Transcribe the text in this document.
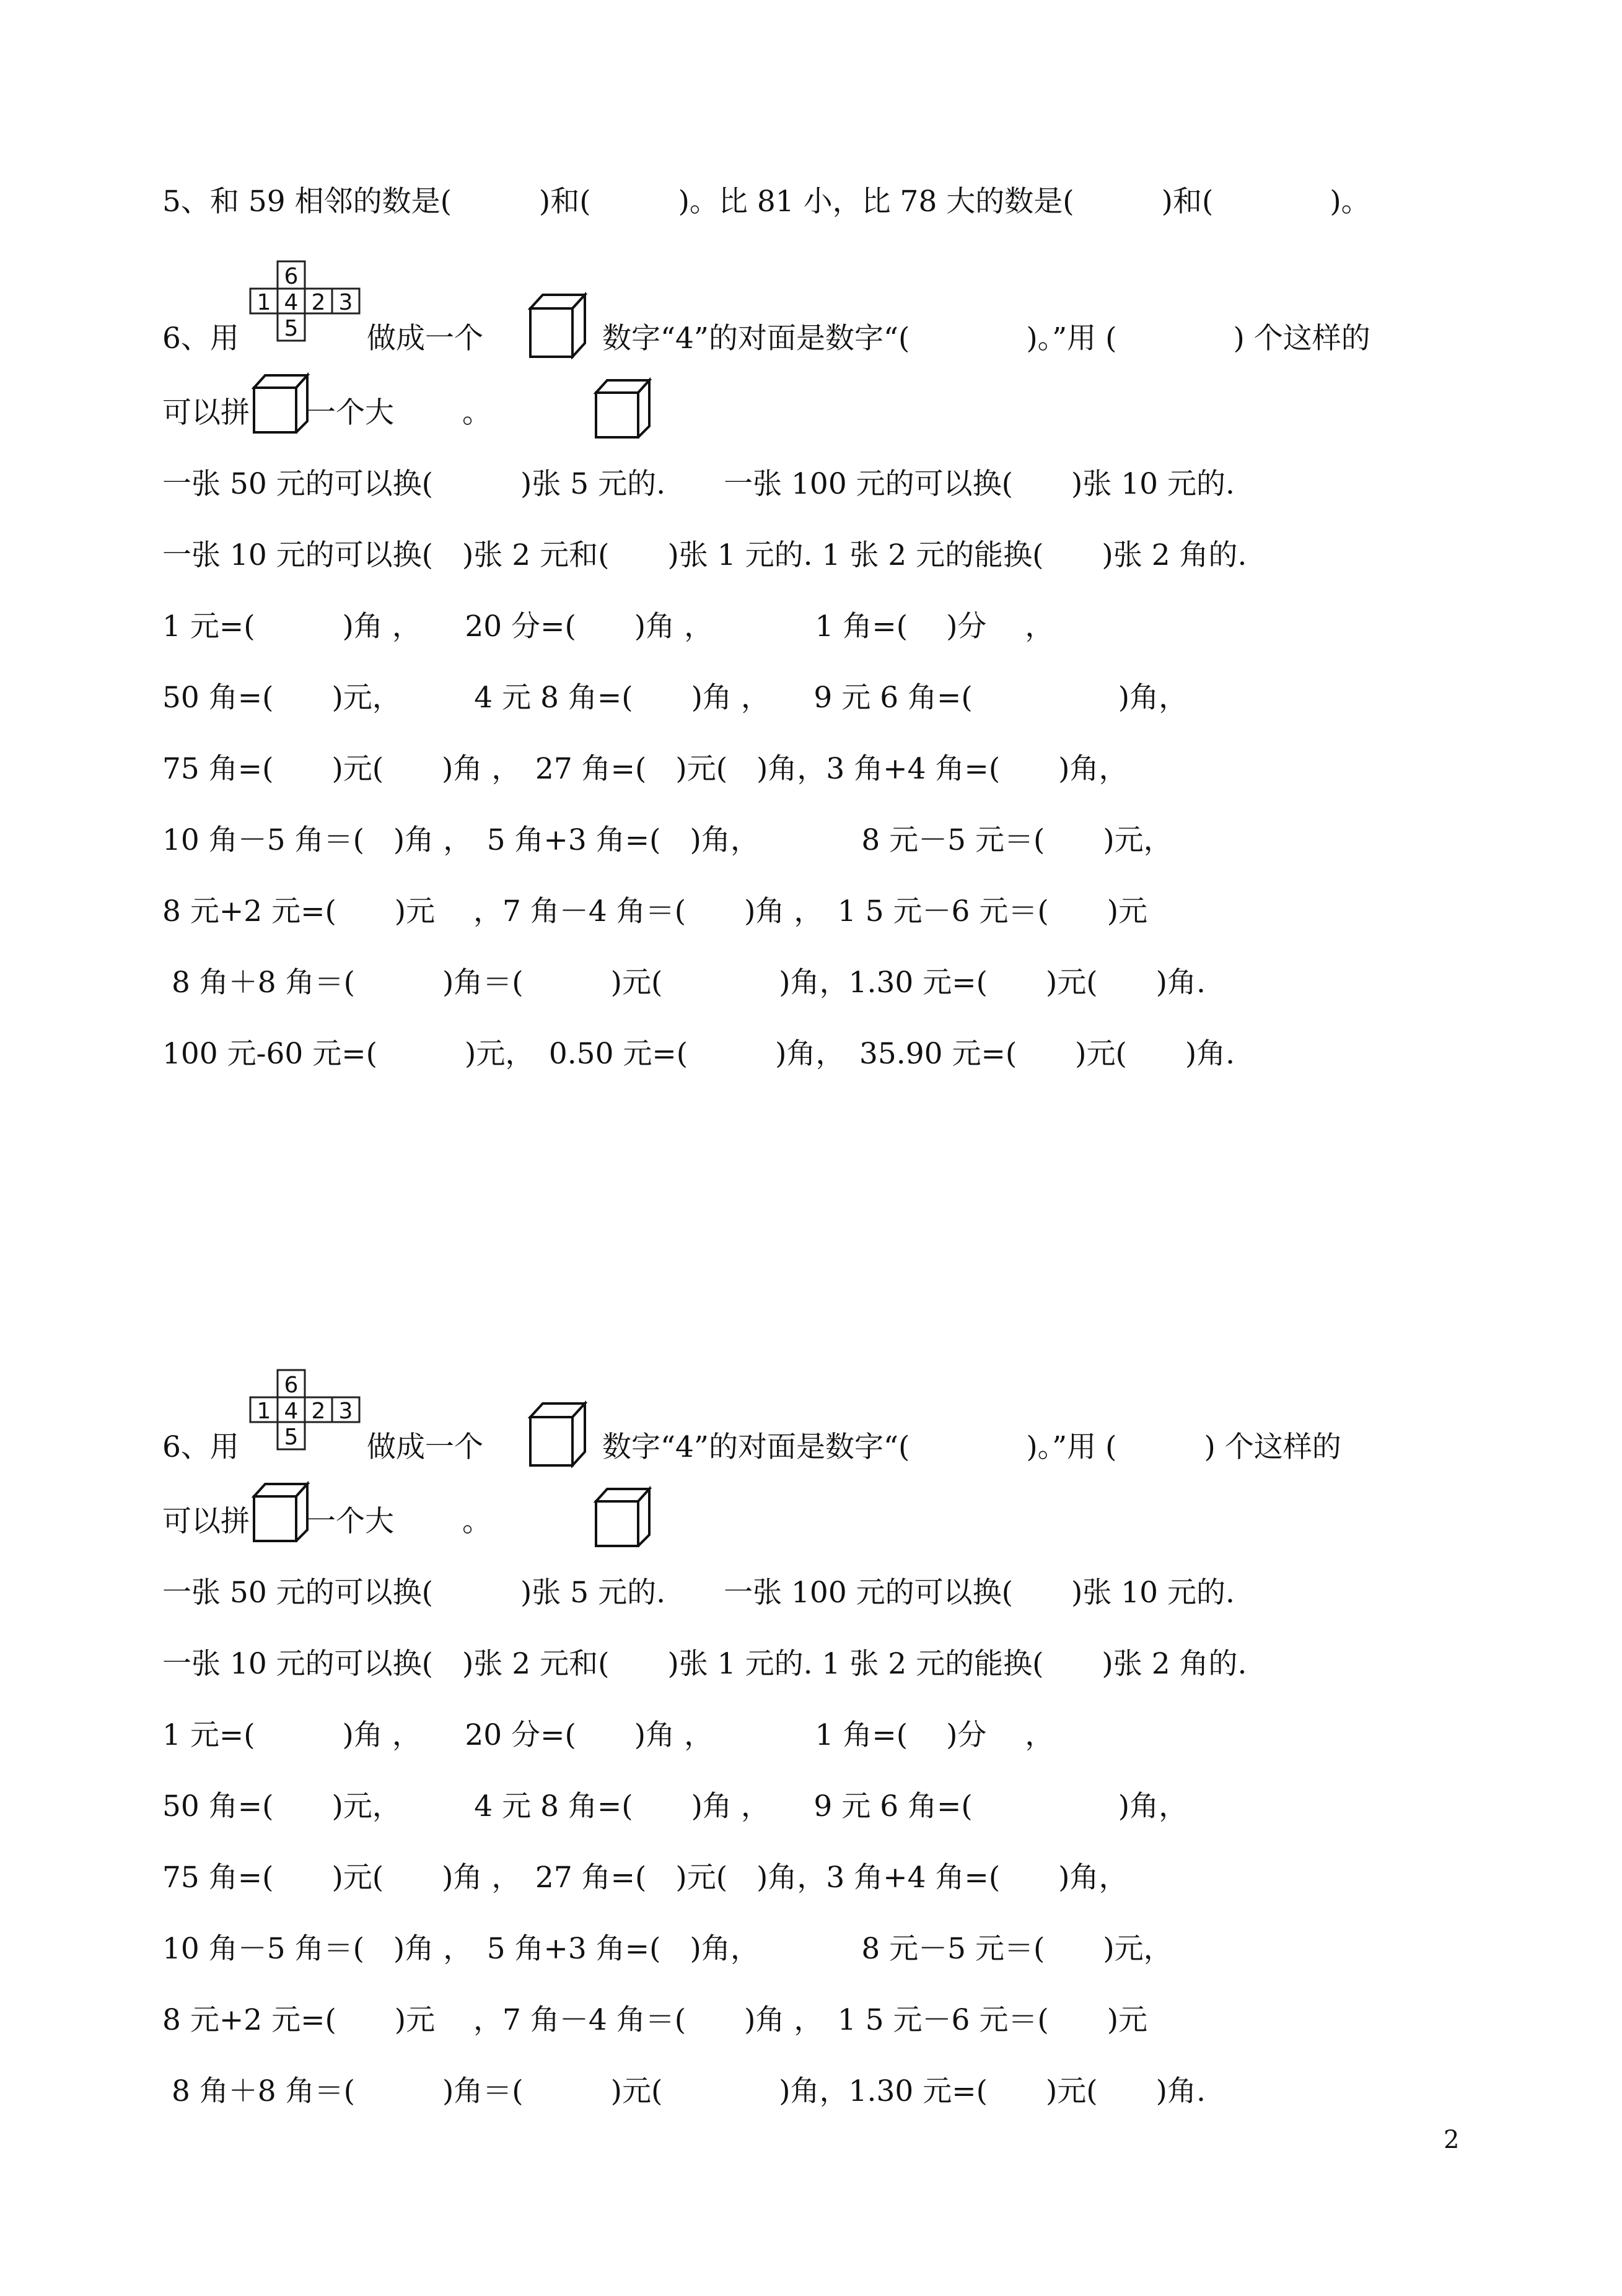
5、和 59 相邻的数是(　　　)和(　　　)。比 81 小，比 78 大的数是(　　　)和(　　　　)。
6、用
6
1 4 2 3
5 做成一个	数字“4”的对面是数字“(　　　　)。”用 (　　　　) 个这样的
可以拼 一个大 。
一张 50 元的可以换(　　　)张 5 元的.　　一张 100 元的可以换(　　)张 10 元的.
一张 10 元的可以换(　)张 2 元和(　　)张 1 元的. 1 张 2 元的能换(　　)张 2 角的.
1 元=(　　　)角 ，　　20 分=(　　)角 ，　　　　1 角=(　 )分　 ，
50 角=(　　)元，　　　4 元 8 角=(　　)角 ，　　9 元 6 角=(　　　　　)角，
75 角=(　　)元(　　)角 ，　27 角=(　)元(　)角，3 角+4 角=(　　)角，
10 角－5 角＝(　)角 ，　5 角+3 角=(　)角，　　　　8 元－5 元＝(　　)元，
8 元+2 元=(　　)元　 ，7 角－4 角＝(　　)角 ，　1 5 元－6 元＝(　　)元
8 角＋8 角＝(　　　)角＝(　　　)元(　　　　)角，1.30 元=(　　)元(　　)角.
100 元-60 元=(　　　)元，　0.50 元=(　　　)角，　35.90 元=(　　)元(　　)角.
6、用
6
1 4 2 3
5 做成一个	数字“4”的对面是数字“(　　　　)。”用 (　　　) 个这样的
可以拼 一个大 。
一张 50 元的可以换(　　　)张 5 元的.　　一张 100 元的可以换(　　)张 10 元的.
一张 10 元的可以换(　)张 2 元和(　　)张 1 元的. 1 张 2 元的能换(　　)张 2 角的.
1 元=(　　　)角 ，　　20 分=(　　)角 ，　　　　1 角=(　 )分　 ，
50 角=(　　)元，　　　4 元 8 角=(　　)角 ，　　9 元 6 角=(　　　　　)角，
75 角=(　　)元(　　)角 ，　27 角=(　)元(　)角，3 角+4 角=(　　)角，
10 角－5 角＝(　)角 ，　5 角+3 角=(　)角，　　　　8 元－5 元＝(　　)元，
8 元+2 元=(　　)元　 ，7 角－4 角＝(　　)角 ，　1 5 元－6 元＝(　　)元
8 角＋8 角＝(　　　)角＝(　　　)元(　　　　)角，1.30 元=(　　)元(　　)角.
2
